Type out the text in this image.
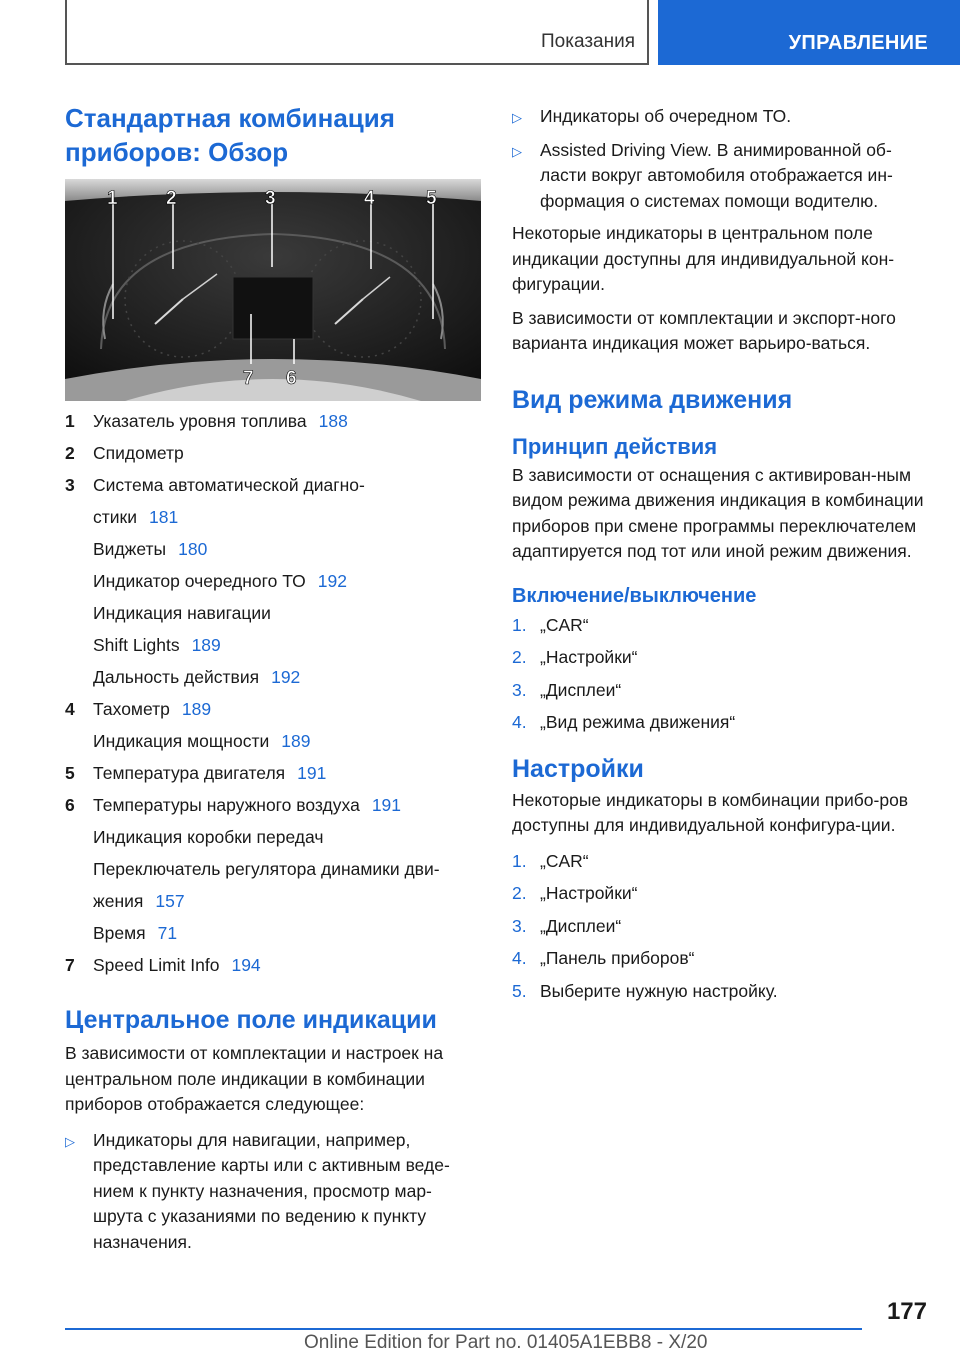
Показания	УПРАВЛЕНИЕ
Стандартная комбинация
приборов: Обзор
1	2	3	4	5
7 6
1	Указатель уровня топлива 188
2	Спидометр
3	Система автоматической диагно-
стики 181
Виджеты 180
Индикатор очередного ТО 192
Индикация навигации
Shift Lights 189
Дальность действия 192
4	Тахометр 189
Индикация мощности 189
5	Температура двигателя 191
6	Температуры наружного воздуха 191
Индикация коробки передач
Переключатель регулятора динамики дви-
жения 157
Время 71
7	Speed Limit Info 194
Центральное поле индикации
В зависимости от комплектации и настроек на центральном поле индикации в комбинации приборов отображается следующее:
▷	Индикаторы для навигации, например, представление карты или с активным веде-нием к пункту назначения, просмотр мар-шрута с указаниями по ведению к пункту назначения.
▷	Индикаторы об очередном ТО.
▷	Assisted Driving View. В анимированной об-ласти вокруг автомобиля отображается ин-формация о системах помощи водителю.
Некоторые индикаторы в центральном поле индикации доступны для индивидуальной кон-фигурации.
В зависимости от комплектации и экспорт-ного варианта индикация может варьиро-ваться.
Вид режима движения
Принцип действия
В зависимости от оснащения с активирован-ным видом режима движения индикация в комбинации приборов при смене программы переключателем адаптируется под тот или иной режим движения.
Включение/выключение
1. „CAR“
2. „Настройки“
3. „Дисплеи“
4. „Вид режима движения“
Настройки
Некоторые индикаторы в комбинации прибо-ров доступны для индивидуальной конфигура-ции.
1. „CAR“
2. „Настройки“
3. „Дисплеи“
4. „Панель приборов“
5. Выберите нужную настройку.
177
Online Edition for Part no. 01405A1EBB8 - X/20
